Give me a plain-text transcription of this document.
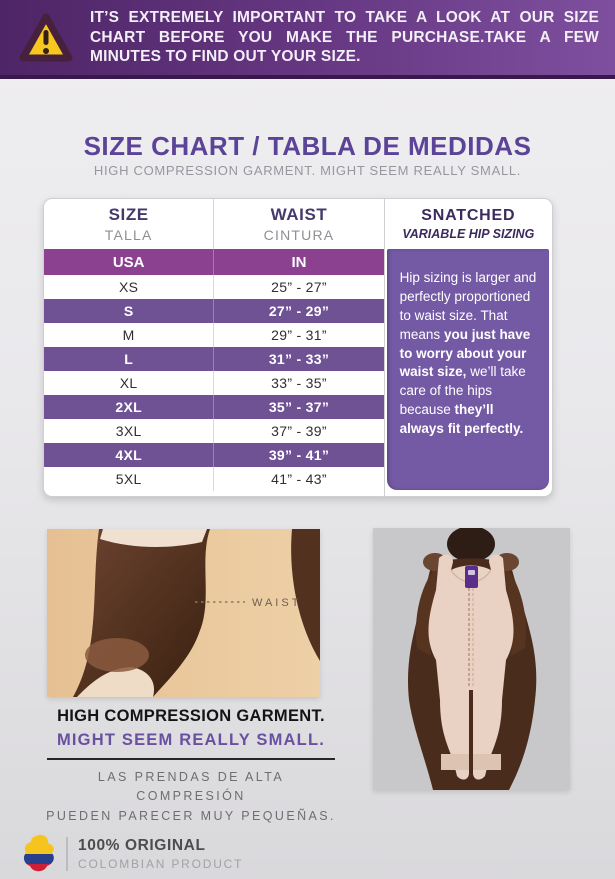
IT’S EXTREMELY IMPORTANT TO TAKE A LOOK AT OUR SIZE CHART BEFORE YOU MAKE THE PURCHASE.TAKE A FEW MINUTES TO FIND OUT YOUR SIZE.

SIZE CHART / TABLA DE MEDIDAS
HIGH COMPRESSION GARMENT. MIGHT SEEM REALLY SMALL.
SIZE
TALLA
WAIST
CINTURA
USA	IN
XS	25” - 27”
S	27” - 29”
M	29” - 31”
L	31” - 33”
XL	33” - 35”
2XL	35” - 37”
3XL	37” - 39”
4XL	39” - 41”
5XL	41” - 43”
SNATCHED
VARIABLE HIP SIZING
Hip sizing is larger and perfectly proportioned to waist size. That means you just have to worry about your waist size, we’ll take care of the hips because they’ll always fit perfectly.
WAIST
HIGH COMPRESSION GARMENT.
MIGHT SEEM REALLY SMALL.
LAS PRENDAS DE ALTA COMPRESIÓN
PUEDEN PARECER MUY PEQUEÑAS.
100% ORIGINAL
COLOMBIAN PRODUCT
